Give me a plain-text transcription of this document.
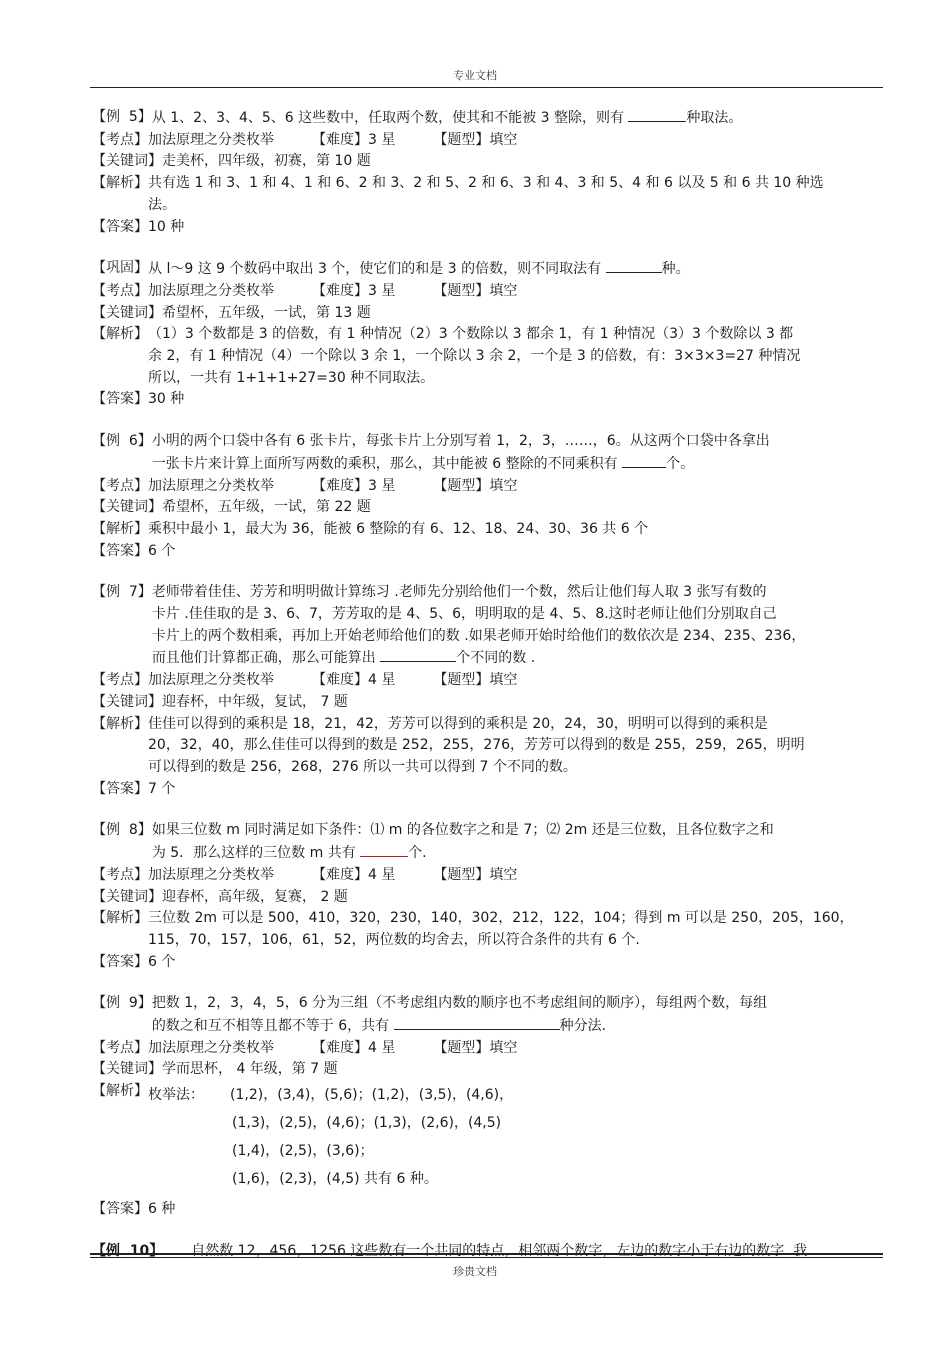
专业文档
【例  5】 从 1、2、3、4、5、6 这些数中，任取两个数，使其和不能被 3 整除，则有	种取法。
【考点】 加法原理之分类枚举	【难度】 3 星	【题型】 填空
【关键词】 走美杯，四年级，初赛，第 10 题
【解析】 共有选 1 和 3、1 和 4、1 和 6、2 和 3、2 和 5、2 和 6、3 和 4、3 和 5、4 和 6 以及 5 和 6 共 10 种选
法。
【答案】 10 种
【巩固】 从 l～9 这 9 个数码中取出 3 个，使它们的和是 3 的倍数，则不同取法有	种。
【考点】 加法原理之分类枚举	【难度】 3 星	【题型】 填空
【关键词】 希望杯，五年级，一试，第 13 题
【解析】 （1）3 个数都是 3 的倍数，有 1 种情况（2）3 个数除以 3 都余 1，有 1 种情况（3）3 个数除以 3 都
余 2，有 1 种情况（4）一个除以 3 余 1，一个除以 3 余 2，一个是 3 的倍数，有：3×3×3=27 种情况
所以，一共有 1+1+1+27=30 种不同取法。
【答案】 30 种
【例  6】 小明的两个口袋中各有 6 张卡片，每张卡片上分别写着 1，2，3，……，6。从这两个口袋中各拿出
一张卡片来计算上面所写两数的乘积，那么，其中能被 6 整除的不同乘积有	个。
【考点】 加法原理之分类枚举	【难度】 3 星	【题型】 填空
【关键词】 希望杯，五年级，一试，第 22 题
【解析】 乘积中最小 1，最大为 36，能被 6 整除的有 6、12、18、24、30、36 共 6 个
【答案】 6 个
【例  7】 老师带着佳佳、芳芳和明明做计算练习 .老师先分别给他们一个数，然后让他们每人取 3 张写有数的
卡片 .佳佳取的是 3、6、7，芳芳取的是 4、5、6，明明取的是 4、5、8.这时老师让他们分别取自己
卡片上的两个数相乘，再加上开始老师给他们的数 .如果老师开始时给他们的数依次是 234、235、236，
而且他们计算都正确，那么可能算出	个不同的数 .
【考点】 加法原理之分类枚举	【难度】 4 星	【题型】 填空
【关键词】 迎春杯，中年级，复试， 7 题
【解析】 佳佳可以得到的乘积是 18，21，42，芳芳可以得到的乘积是 20，24，30，明明可以得到的乘积是
20，32，40，那么佳佳可以得到的数是 252，255，276，芳芳可以得到的数是 255，259，265，明明
可以得到的数是 256，268，276 所以一共可以得到 7 个不同的数。
【答案】 7 个
【例  8】 如果三位数 m 同时满足如下条件：⑴ m 的各位数字之和是 7；⑵ 2m 还是三位数，且各位数字之和
为 5．那么这样的三位数 m 共有	个.
【考点】 加法原理之分类枚举	【难度】 4 星	【题型】 填空
【关键词】 迎春杯，高年级，复赛， 2 题
【解析】 三位数 2m 可以是 500，410，320，230，140，302，212，122，104；得到 m 可以是 250，205，160，
115，70，157，106，61，52，两位数的均舍去，所以符合条件的共有 6 个.
【答案】 6 个
【例  9】 把数 1，2，3，4，5，6 分为三组（不考虑组内数的顺序也不考虑组间的顺序），每组两个数，每组
的数之和互不相等且都不等于 6，共有	种分法.
【考点】 加法原理之分类枚举	【难度】 4 星	【题型】 填空
【关键词】 学而思杯， 4 年级，第 7 题
【解析】 枚举法：	(1,2)，(3,4)，(5,6)；(1,2)，(3,5)，(4,6)，
(1,3)，(2,5)，(4,6)；(1,3)，(2,6)，(4,5)
(1,4)，(2,5)，(3,6)；
(1,6)，(2,3)，(4,5) 共有 6 种。
【答案】 6 种
【例  10】	自然数 12，456，1256 这些数有一个共同的特点，相邻两个数字，左边的数字小于右边的数字. 我
珍贵文档
